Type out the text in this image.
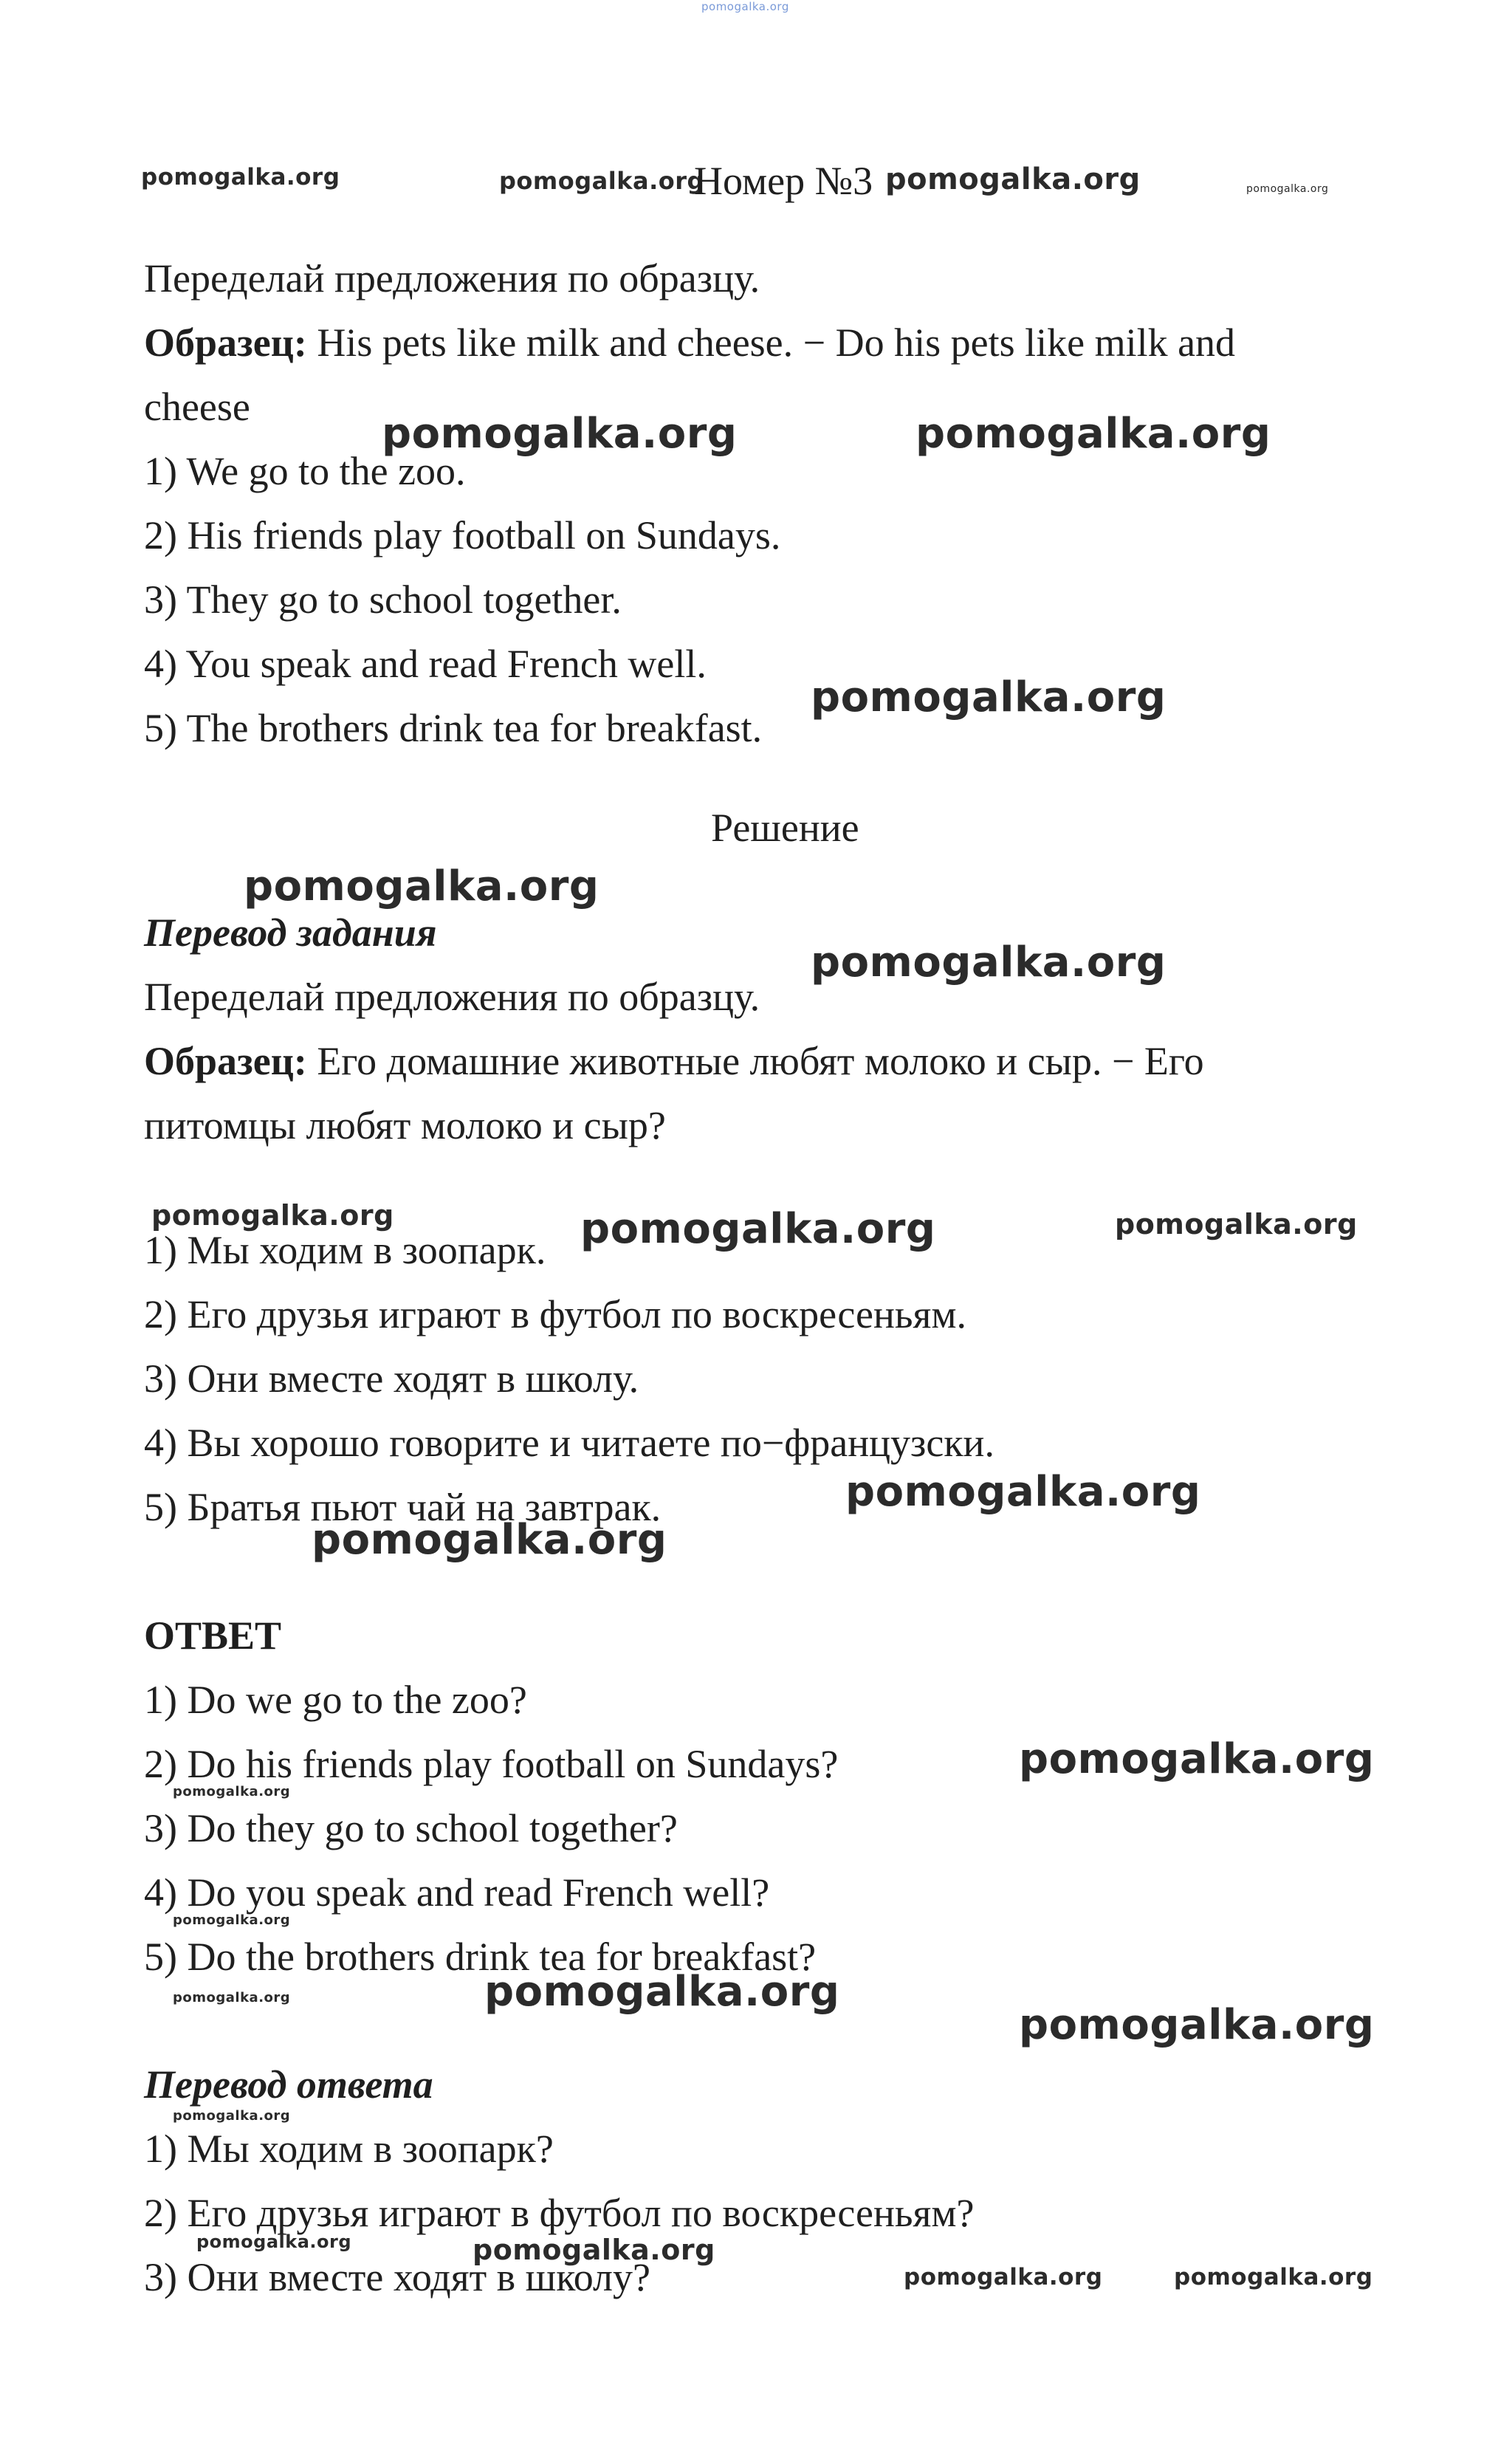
pomogalka.org
pomogalka.org	pomogalka.org
Номер №3 pomogalka.org	pomogalka.org
Переделай предложения по образцу.
Образец: His pets like milk and cheese. − Do his pets like milk and
cheese
1) We go to the zoo.
2) His friends play football on Sundays.
3) They go to school together.
4) You speak and read French well.
5) The brothers drink tea for breakfast.
pomogalka.org	pomogalka.org
pomogalka.org
Решение
pomogalka.org
Перевод задания
Переделай предложения по образцу.
pomogalka.org
Образец: Его домашние животные любят молоко и сыр. − Его
питомцы любят молоко и сыр?
pomogalka.org
1) Мы ходим в зоопарк. pomogalka.org	pomogalka.org
2) Его друзья играют в футбол по воскресеньям.
3) Они вместе ходят в школу.
4) Вы хорошо говорите и читаете по−французски.
5) Братья пьют чай на завтрак.	pomogalka.org
pomogalka.org
ОТВЕТ
1) Do we go to the zoo?
2) Do his friends play football on Sundays?	pomogalka.org
pomogalka.org
3) Do they go to school together?
4) Do you speak and read French well?
pomogalka.org
5) Do the brothers drink tea for breakfast?
pomogalka.org	pomogalka.org
pomogalka.org
Перевод ответа
pomogalka.org
1) Мы ходим в зоопарк?
2) Его друзья играют в футбол по воскресеньям?
pomogalka.org	pomogalka.org
3) Они вместе ходят в школу?	pomogalka.org	pomogalka.org
